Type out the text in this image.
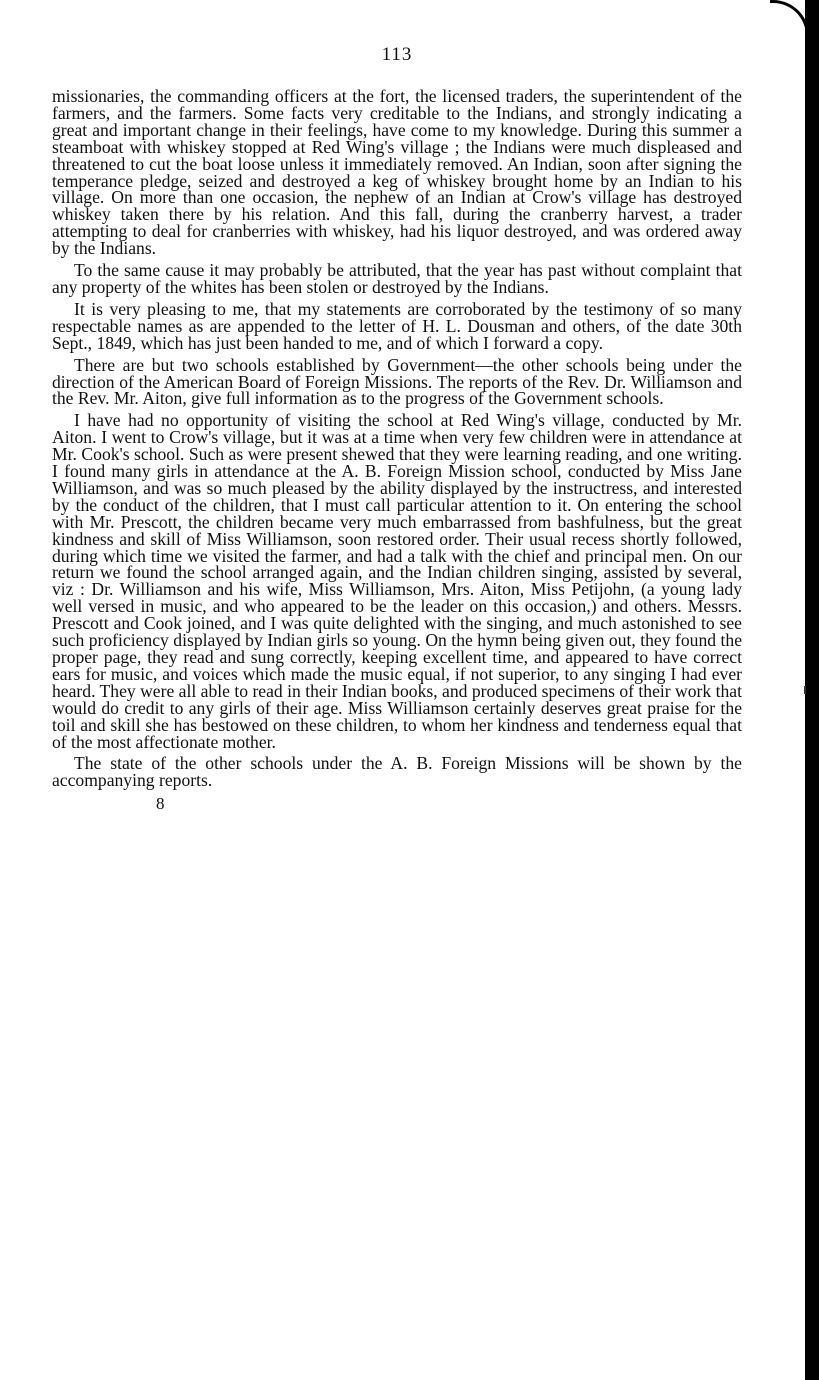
113

missionaries, the commanding officers at the fort, the licensed traders, the superintendent of the farmers, and the farmers. Some facts very creditable to the Indians, and strongly indicating a great and important change in their feelings, have come to my knowledge. During this summer a steamboat with whiskey stopped at Red Wing's village ; the Indians were much displeased and threatened to cut the boat loose unless it immediately removed. An Indian, soon after signing the temperance pledge, seized and destroyed a keg of whiskey brought home by an Indian to his village. On more than one occasion, the nephew of an Indian at Crow's village has destroyed whiskey taken there by his relation. And this fall, during the cranberry harvest, a trader attempting to deal for cranberries with whiskey, had his liquor destroyed, and was ordered away by the Indians.

To the same cause it may probably be attributed, that the year has past without complaint that any property of the whites has been stolen or destroyed by the Indians.

It is very pleasing to me, that my statements are corroborated by the testimony of so many respectable names as are appended to the letter of H. L. Dousman and others, of the date 30th Sept., 1849, which has just been handed to me, and of which I forward a copy.

There are but two schools established by Government—the other schools being under the direction of the American Board of Foreign Missions. The reports of the Rev. Dr. Williamson and the Rev. Mr. Aiton, give full information as to the progress of the Government schools.

I have had no opportunity of visiting the school at Red Wing's village, conducted by Mr. Aiton. I went to Crow's village, but it was at a time when very few children were in attendance at Mr. Cook's school. Such as were present shewed that they were learning reading, and one writing. I found many girls in attendance at the A. B. Foreign Mission school, conducted by Miss Jane Williamson, and was so much pleased by the ability displayed by the instructress, and interested by the conduct of the children, that I must call particular attention to it. On entering the school with Mr. Prescott, the children became very much embarrassed from bashfulness, but the great kindness and skill of Miss Williamson, soon restored order. Their usual recess shortly followed, during which time we visited the farmer, and had a talk with the chief and principal men. On our return we found the school arranged again, and the Indian children singing, assisted by several, viz : Dr. Williamson and his wife, Miss Williamson, Mrs. Aiton, Miss Petijohn, (a young lady well versed in music, and who appeared to be the leader on this occasion,) and others. Messrs. Prescott and Cook joined, and I was quite delighted with the singing, and much astonished to see such proficiency displayed by Indian girls so young. On the hymn being given out, they found the proper page, they read and sung correctly, keeping excellent time, and appeared to have correct ears for music, and voices which made the music equal, if not superior, to any singing I had ever heard. They were all able to read in their Indian books, and produced specimens of their work that would do credit to any girls of their age. Miss Williamson certainly deserves great praise for the toil and skill she has bestowed on these children, to whom her kindness and tenderness equal that of the most affectionate mother.

The state of the other schools under the A. B. Foreign Missions will be shown by the accompanying reports.

8
